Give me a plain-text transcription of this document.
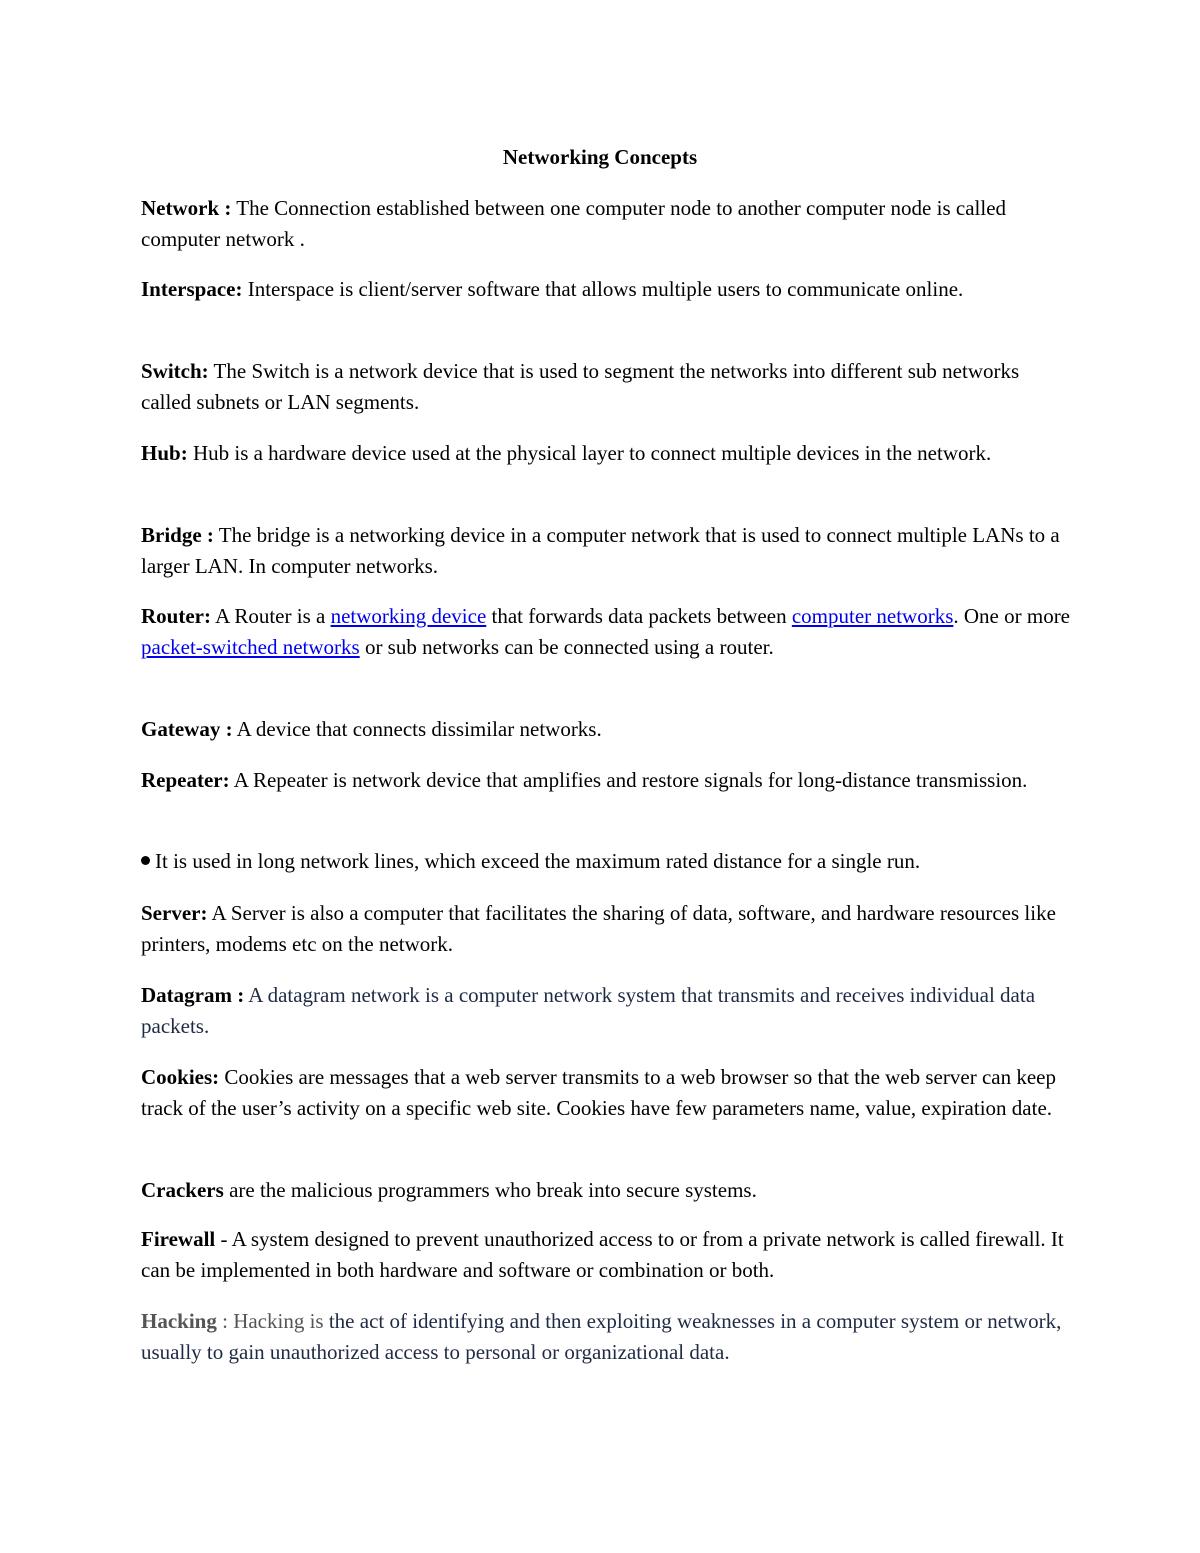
Networking Concepts

Network : The Connection established between one computer node to another computer node is called computer network .

Interspace: Interspace is client/server software that allows multiple users to communicate online.

Switch: The Switch is a network device that is used to segment the networks into different sub networks called subnets or LAN segments.

Hub: Hub is a hardware device used at the physical layer to connect multiple devices in the network.

Bridge : The bridge is a networking device in a computer network that is used to connect multiple LANs to a larger LAN. In computer networks.

Router: A Router is a networking device that forwards data packets between computer networks. One or more packet-switched networks or sub networks can be connected using a router.

Gateway : A device that connects dissimilar networks.

Repeater: A Repeater is network device that amplifies and restore signals for long-distance transmission.

It is used in long network lines, which exceed the maximum rated distance for a single run.

Server: A Server is also a computer that facilitates the sharing of data, software, and hardware resources like printers, modems etc on the network.

Datagram : A datagram network is a computer network system that transmits and receives individual data packets.

Cookies: Cookies are messages that a web server transmits to a web browser so that the web server can keep track of the user’s activity on a specific web site. Cookies have few parameters name, value, expiration date.

Crackers are the malicious programmers who break into secure systems.

Firewall - A system designed to prevent unauthorized access to or from a private network is called firewall. It can be implemented in both hardware and software or combination or both.

Hacking : Hacking is the act of identifying and then exploiting weaknesses in a computer system or network, usually to gain unauthorized access to personal or organizational data.
